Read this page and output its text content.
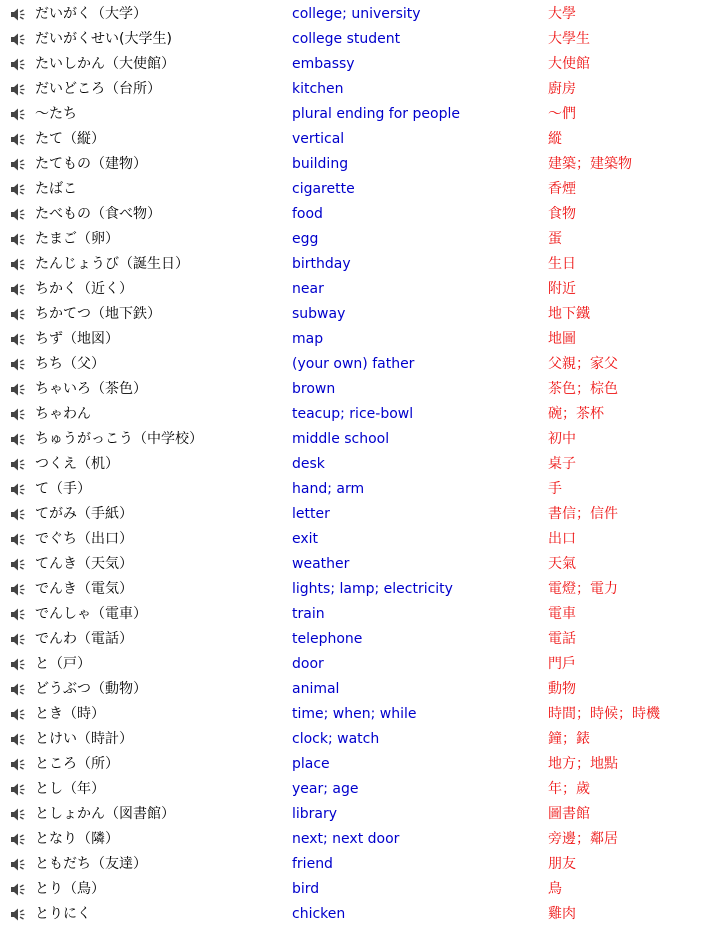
だいがく（大学）	college; university	大學
だいがくせい(大学生)	college student	大學生
たいしかん（大使館）	embassy	大使館
だいどころ（台所）	kitchen	廚房
～たち	plural ending for people	～們
たて（縦）	vertical	縱
たてもの（建物）	building	建築；建築物
たばこ	cigarette	香煙
たべもの（食べ物）	food	食物
たまご（卵）	egg	蛋
たんじょうび（誕生日）	birthday	生日
ちかく（近く）	near	附近
ちかてつ（地下鉄）	subway	地下鐵
ちず（地図）	map	地圖
ちち（父）	(your own) father	父親；家父
ちゃいろ（茶色）	brown	茶色；棕色
ちゃわん	teacup; rice-bowl	碗；茶杯
ちゅうがっこう（中学校）	middle school	初中
つくえ（机）	desk	桌子
て（手）	hand; arm	手
てがみ（手紙）	letter	書信；信件
でぐち（出口）	exit	出口
てんき（天気）	weather	天氣
でんき（電気）	lights; lamp; electricity	電燈；電力
でんしゃ（電車）	train	電車
でんわ（電話）	telephone	電話
と（戸）	door	門戶
どうぶつ（動物）	animal	動物
とき（時）	time; when; while	時間；時候；時機
とけい（時計）	clock; watch	鐘；錶
ところ（所）	place	地方；地點
とし（年）	year; age	年；歲
としょかん（図書館）	library	圖書館
となり（隣）	next; next door	旁邊；鄰居
ともだち（友達）	friend	朋友
とり（鳥）	bird	鳥
とりにく	chicken	雞肉
